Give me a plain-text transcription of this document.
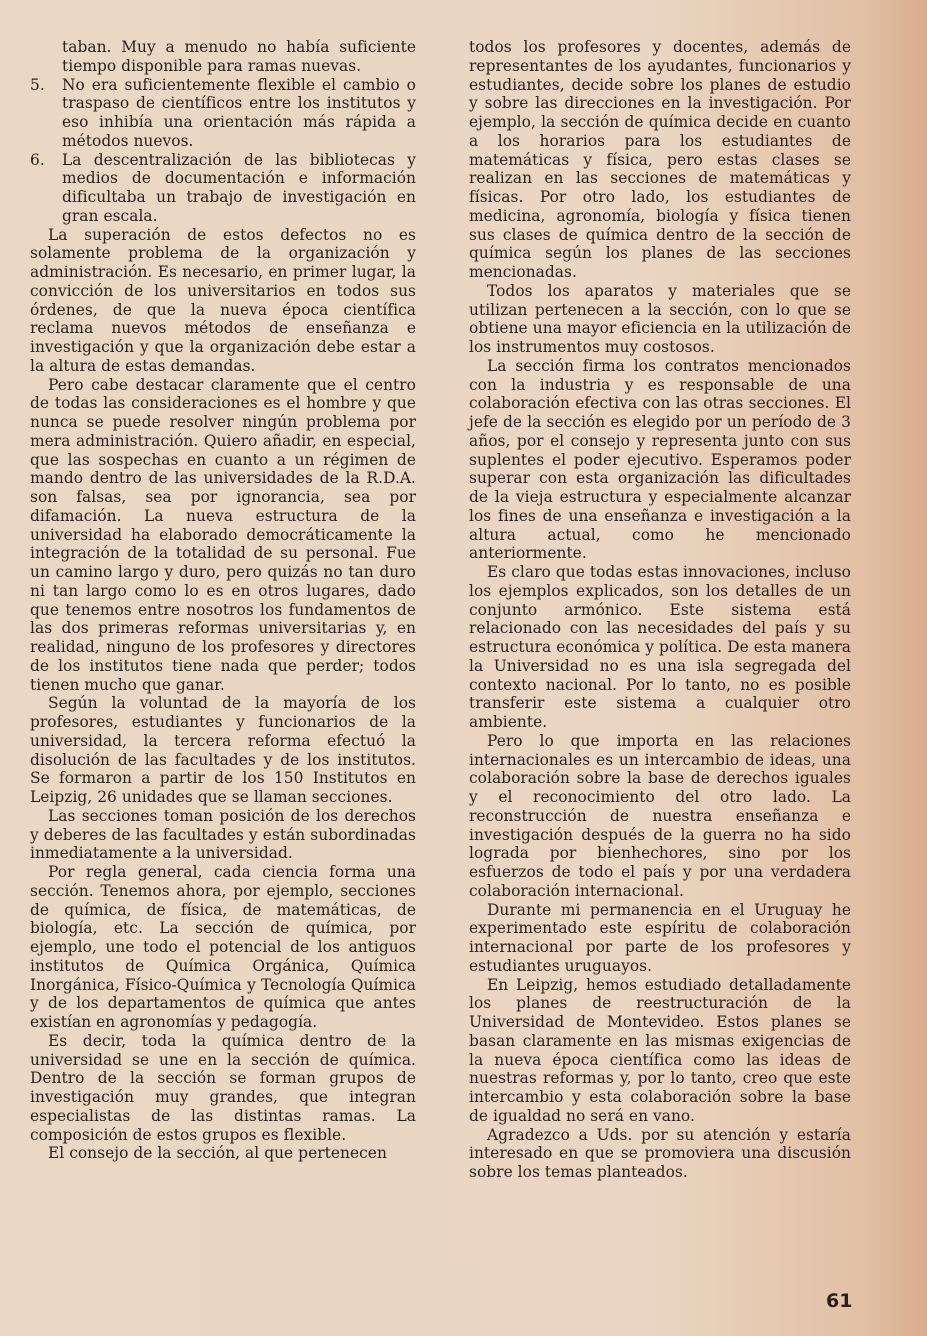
taban. Muy a menudo no había suficiente tiempo disponible para ramas nuevas.

5.	No era suficientemente flexible el cambio o traspaso de científicos entre los institutos y eso inhibía una orientación más rápida a métodos nuevos.
6.	La descentralización de las bibliotecas y medios de documentación e información dificultaba un trabajo de investigación en gran escala.

La superación de estos defectos no es solamente problema de la organización y administración. Es necesario, en primer lugar, la convicción de los universitarios en todos sus órdenes, de que la nueva época científica reclama nuevos métodos de enseñanza e investigación y que la organización debe estar a la altura de estas demandas.

Pero cabe destacar claramente que el centro de todas las consideraciones es el hombre y que nunca se puede resolver ningún problema por mera administración. Quiero añadir, en especial, que las sospechas en cuanto a un régimen de mando dentro de las universidades de la R.D.A. son falsas, sea por ignorancia, sea por difamación. La nueva estructura de la universidad ha elaborado democráticamente la integración de la totalidad de su personal. Fue un camino largo y duro, pero quizás no tan duro ni tan largo como lo es en otros lugares, dado que tenemos entre nosotros los fundamentos de las dos primeras reformas universitarias y, en realidad, ninguno de los profesores y directores de los institutos tiene nada que perder; todos tienen mucho que ganar.

Según la voluntad de la mayoría de los profesores, estudiantes y funcionarios de la universidad, la tercera reforma efectuó la disolución de las facultades y de los institutos. Se formaron a partir de los 150 Institutos en Leipzig, 26 unidades que se llaman secciones.

Las secciones toman posición de los derechos y deberes de las facultades y están subordinadas inmediatamente a la universidad.

Por regla general, cada ciencia forma una sección. Tenemos ahora, por ejemplo, secciones de química, de física, de matemáticas, de biología, etc. La sección de química, por ejemplo, une todo el potencial de los antiguos institutos de Química Orgánica, Química Inorgánica, Físico-Química y Tecnología Química y de los departamentos de química que antes existían en agronomías y pedagogía.

Es decir, toda la química dentro de la universidad se une en la sección de química. Dentro de la sección se forman grupos de investigación muy grandes, que integran especialistas de las distintas ramas. La composición de estos grupos es flexible.

El consejo de la sección, al que pertenecen

todos los profesores y docentes, además de representantes de los ayudantes, funcionarios y estudiantes, decide sobre los planes de estudio y sobre las direcciones en la investigación. Por ejemplo, la sección de química decide en cuanto a los horarios para los estudiantes de matemáticas y física, pero estas clases se realizan en las secciones de matemáticas y físicas. Por otro lado, los estudiantes de medicina, agronomía, biología y física tienen sus clases de química dentro de la sección de química según los planes de las secciones mencionadas.

Todos los aparatos y materiales que se utilizan pertenecen a la sección, con lo que se obtiene una mayor eficiencia en la utilización de los instrumentos muy costosos.

La sección firma los contratos mencionados con la industria y es responsable de una colaboración efectiva con las otras secciones. El jefe de la sección es elegido por un período de 3 años, por el consejo y representa junto con sus suplentes el poder ejecutivo. Esperamos poder superar con esta organización las dificultades de la vieja estructura y especialmente alcanzar los fines de una enseñanza e investigación a la altura actual, como he mencionado anteriormente.

Es claro que todas estas innovaciones, incluso los ejemplos explicados, son los detalles de un conjunto armónico. Este sistema está relacionado con las necesidades del país y su estructura económica y política. De esta manera la Universidad no es una isla segregada del contexto nacional. Por lo tanto, no es posible transferir este sistema a cualquier otro ambiente.

Pero lo que importa en las relaciones internacionales es un intercambio de ideas, una colaboración sobre la base de derechos iguales y el reconocimiento del otro lado. La reconstrucción de nuestra enseñanza e investigación después de la guerra no ha sido lograda por bienhechores, sino por los esfuerzos de todo el país y por una verdadera colaboración internacional.

Durante mi permanencia en el Uruguay he experimentado este espíritu de colaboración internacional por parte de los profesores y estudiantes uruguayos.

En Leipzig, hemos estudiado detalladamente los planes de reestructuración de la Universidad de Montevideo. Estos planes se basan claramente en las mismas exigencias de la nueva época científica como las ideas de nuestras reformas y, por lo tanto, creo que este intercambio y esta colaboración sobre la base de igualdad no será en vano.

Agradezco a Uds. por su atención y estaría interesado en que se promoviera una discusión sobre los temas planteados.

61
